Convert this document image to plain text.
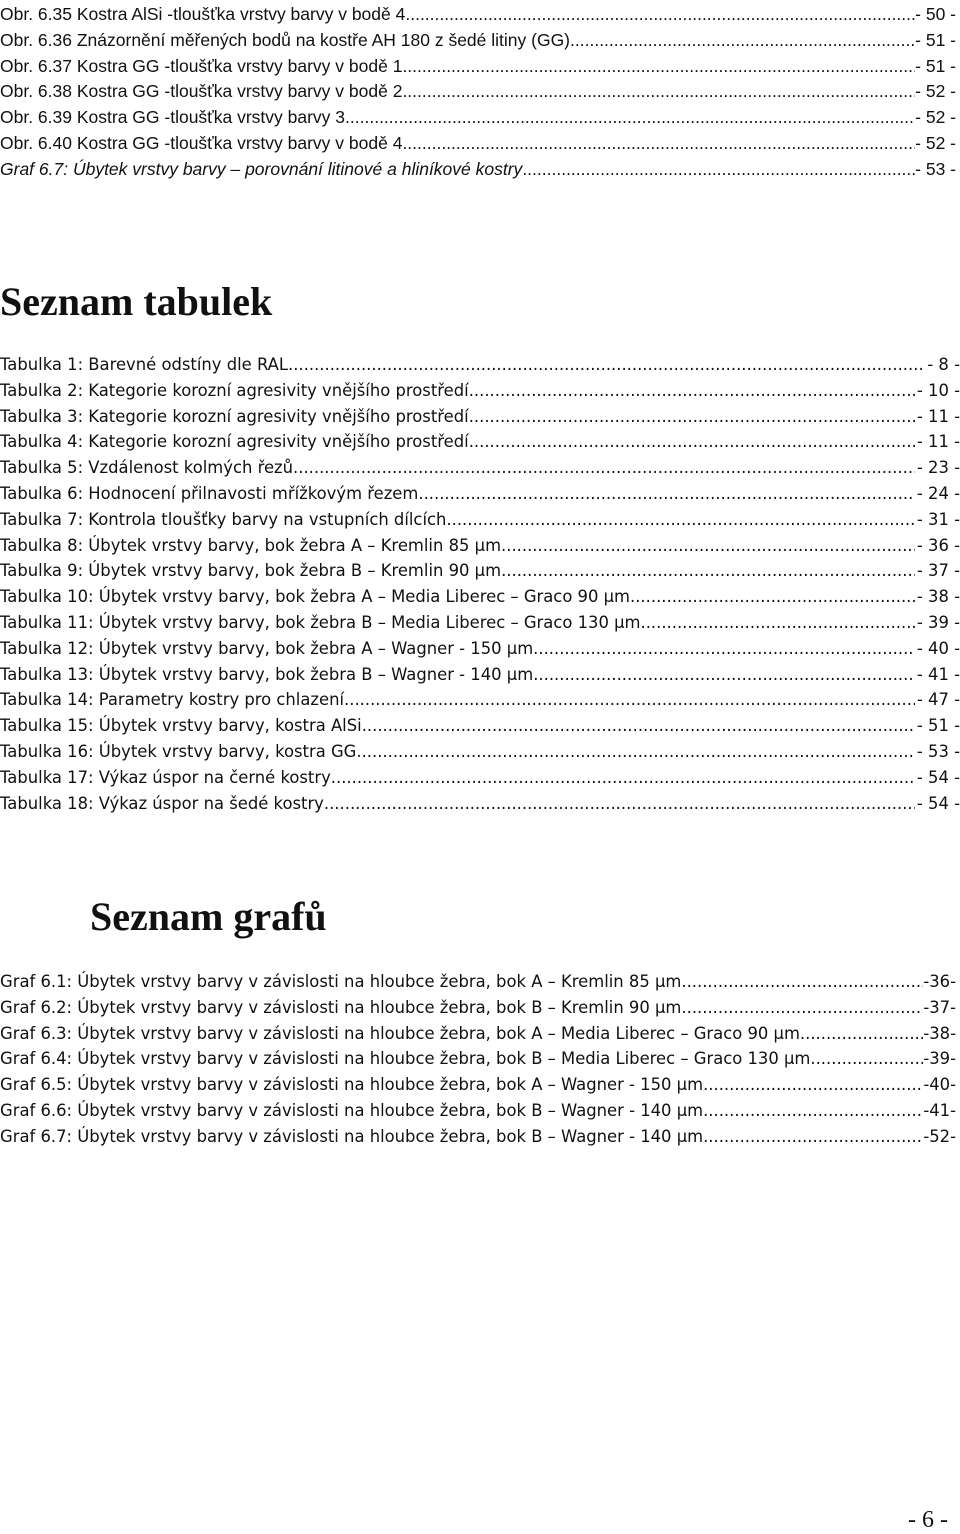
Obr. 6.35 Kostra AlSi -tloušťka vrstvy barvy v bodě 4 .....	- 50 -
Obr. 6.36 Znázornění měřených bodů na kostře AH 180 z šedé litiny (GG) .....	- 51 -
Obr. 6.37 Kostra GG -tloušťka vrstvy barvy v bodě 1 .....	- 51 -
Obr. 6.38 Kostra GG -tloušťka vrstvy barvy v bodě 2 .....	- 52 -
Obr. 6.39 Kostra GG -tloušťka vrstvy barvy 3 .....	- 52 -
Obr. 6.40 Kostra GG -tloušťka vrstvy barvy v bodě 4 .....	- 52 -
Graf 6.7: Úbytek vrstvy barvy – porovnání litinové a hliníkové kostry .....	- 53 -
Seznam tabulek
Tabulka 1: Barevné odstíny dle RAL .....	- 8 -
Tabulka 2: Kategorie korozní agresivity vnějšího prostředí .....	- 10 -
Tabulka 3: Kategorie korozní agresivity vnějšího prostředí .....	- 11 -
Tabulka 4: Kategorie korozní agresivity vnějšího prostředí .....	- 11 -
Tabulka 5: Vzdálenost kolmých řezů .....	- 23 -
Tabulka 6: Hodnocení přilnavosti mřížkovým řezem .....	- 24 -
Tabulka 7: Kontrola tloušťky barvy na vstupních dílcích .....	- 31 -
Tabulka 8: Úbytek vrstvy barvy, bok žebra A – Kremlin 85 µm .....	- 36 -
Tabulka 9: Úbytek vrstvy barvy, bok žebra B – Kremlin 90 µm .....	- 37 -
Tabulka 10: Úbytek vrstvy barvy, bok žebra A – Media Liberec – Graco 90 µm .....	- 38 -
Tabulka 11: Úbytek vrstvy barvy, bok žebra B – Media Liberec – Graco 130 µm .....	- 39 -
Tabulka 12: Úbytek vrstvy barvy, bok žebra A – Wagner - 150 µm .....	- 40 -
Tabulka 13: Úbytek vrstvy barvy, bok žebra B – Wagner - 140 µm .....	- 41 -
Tabulka 14: Parametry kostry pro chlazení .....	- 47 -
Tabulka 15: Úbytek vrstvy barvy, kostra AlSi .....	- 51 -
Tabulka 16: Úbytek vrstvy barvy, kostra GG .....	- 53 -
Tabulka 17: Výkaz úspor na černé kostry .....	- 54 -
Tabulka 18: Výkaz úspor na šedé kostry .....	- 54 -
Seznam grafů
Graf 6.1: Úbytek vrstvy barvy v závislosti na hloubce žebra, bok A – Kremlin 85 µm .....	-36-
Graf 6.2: Úbytek vrstvy barvy v závislosti na hloubce žebra, bok B – Kremlin 90 µm .....	-37-
Graf 6.3: Úbytek vrstvy barvy v závislosti na hloubce žebra, bok A – Media Liberec – Graco 90 µm .....	-38-
Graf 6.4: Úbytek vrstvy barvy v závislosti na hloubce žebra, bok B – Media Liberec – Graco 130 µm .....	-39-
Graf 6.5: Úbytek vrstvy barvy v závislosti na hloubce žebra, bok A – Wagner - 150 µm .....	-40-
Graf 6.6: Úbytek vrstvy barvy v závislosti na hloubce žebra, bok B – Wagner - 140 µm .....	-41-
Graf 6.7: Úbytek vrstvy barvy v závislosti na hloubce žebra, bok B – Wagner - 140 µm .....	-52-
- 6 -
